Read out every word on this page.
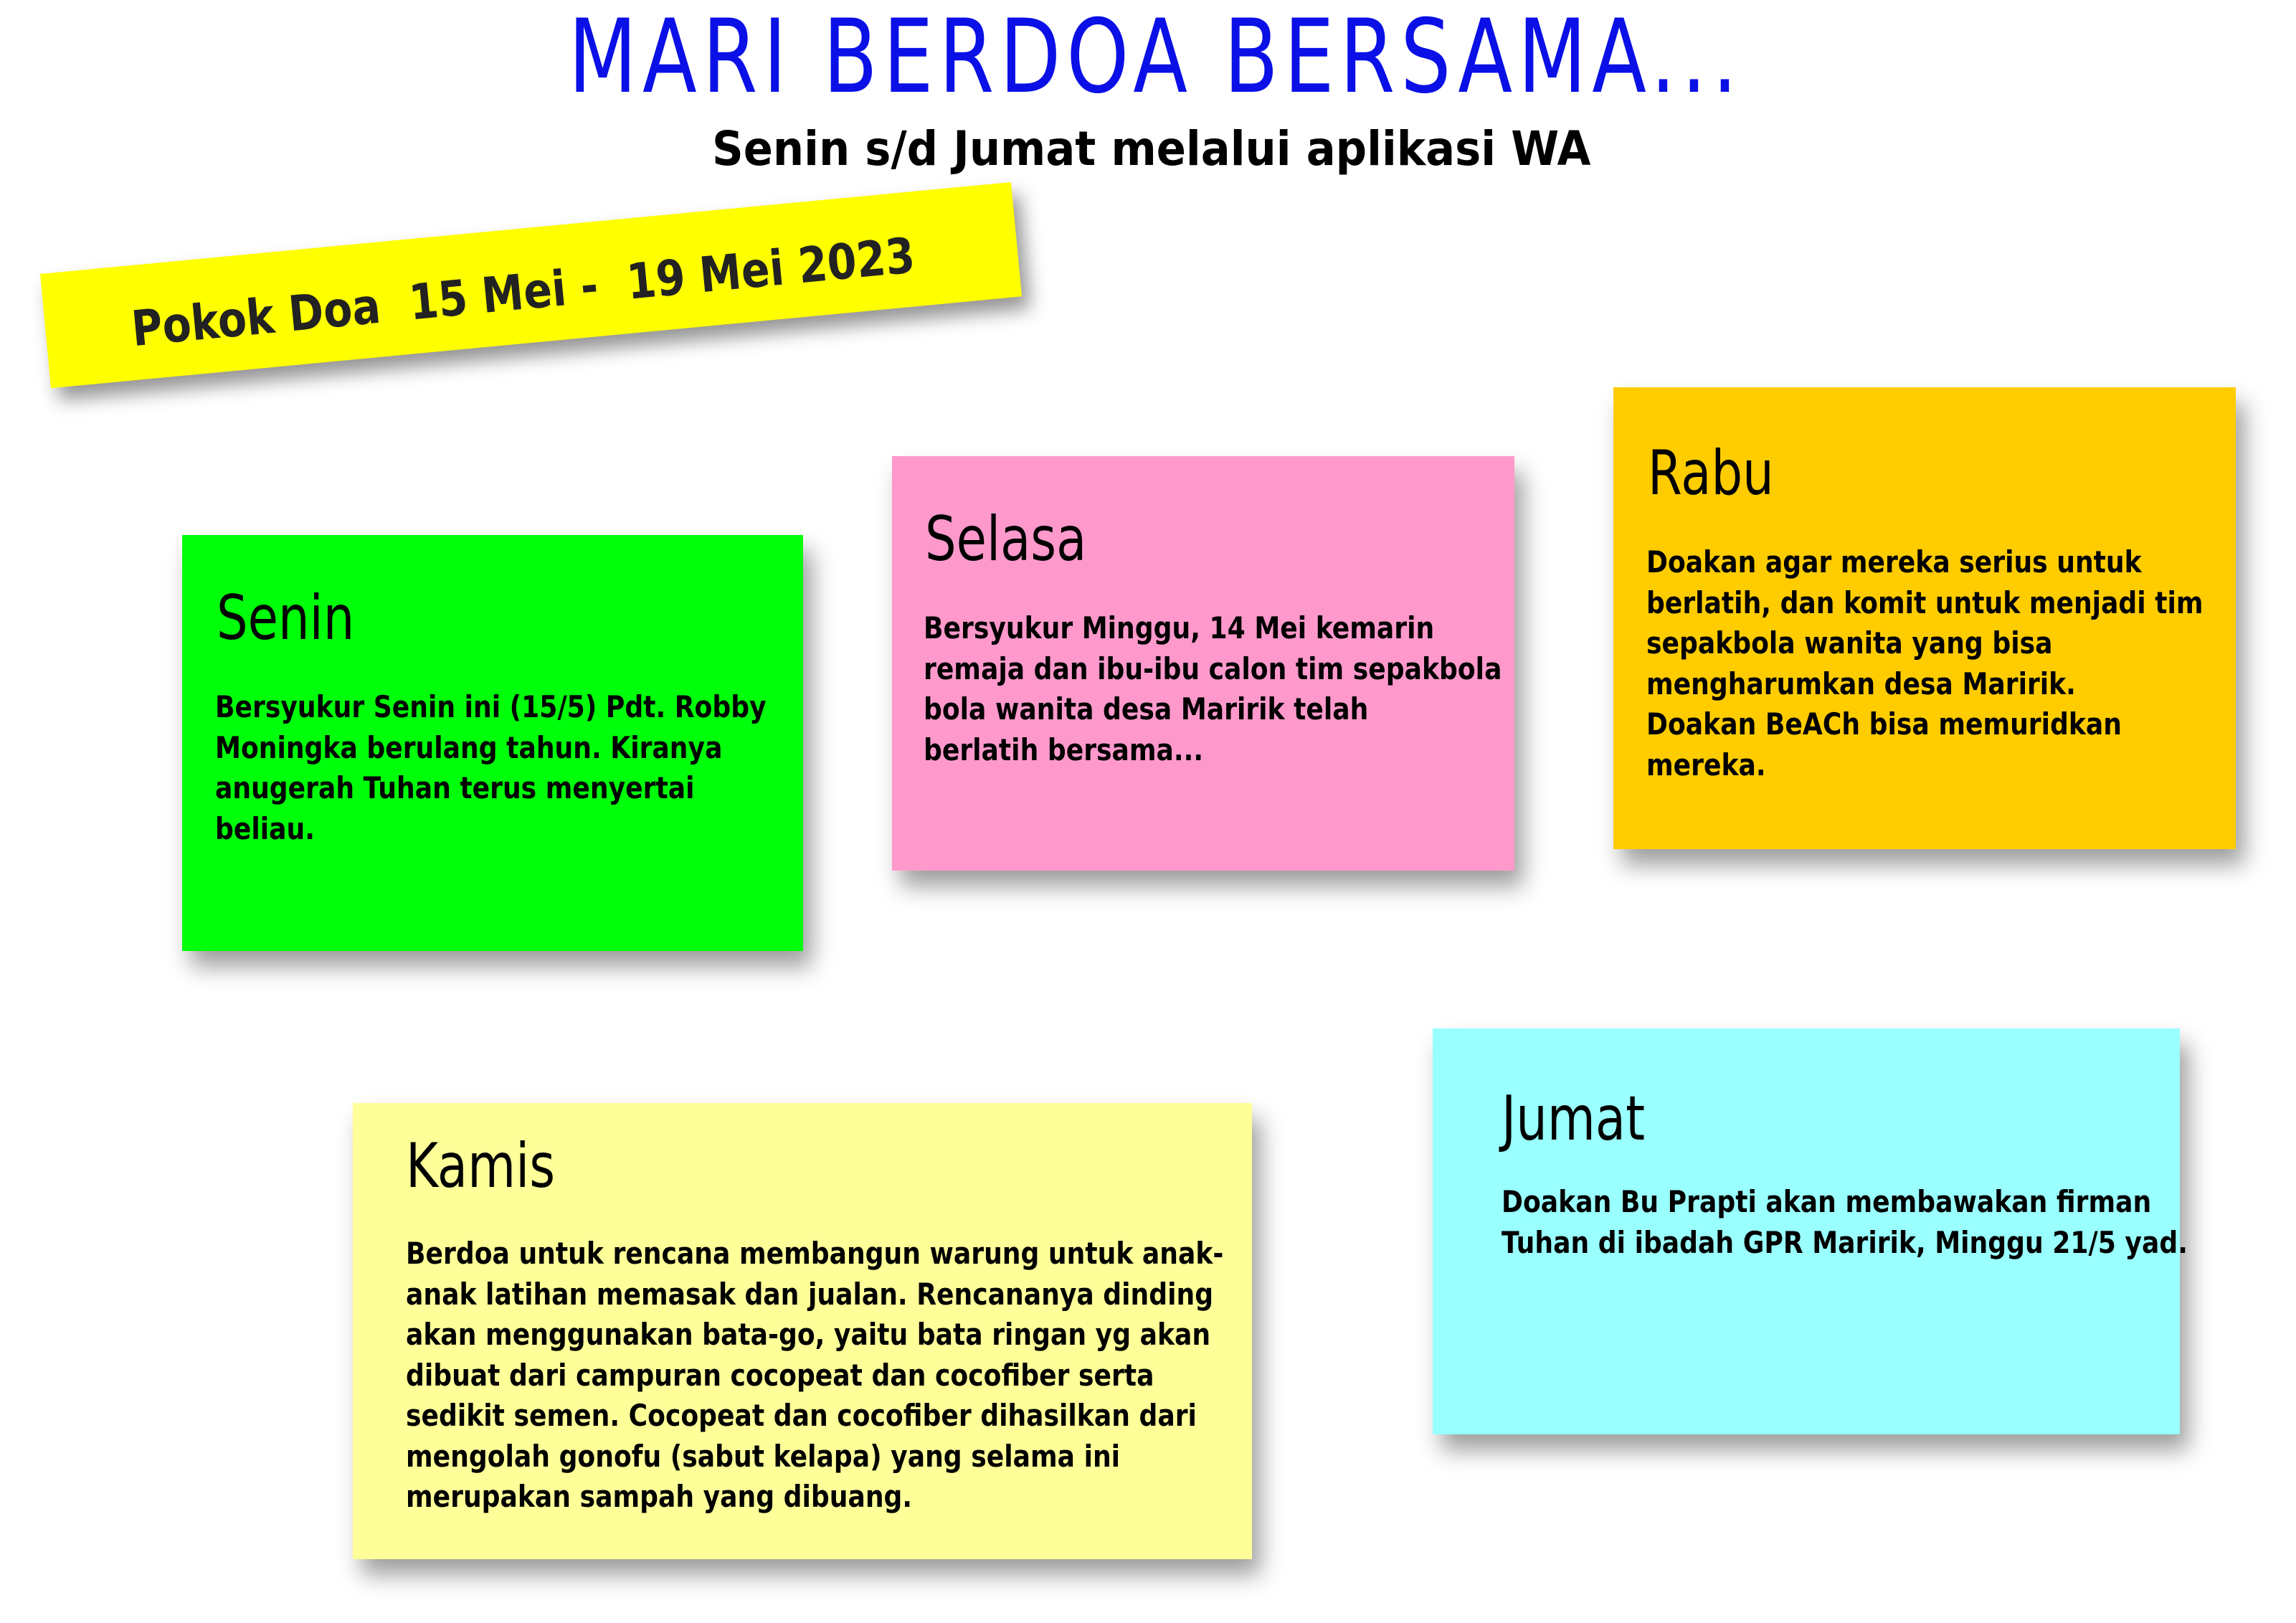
MARI BERDOA BERSAMA...
Senin s/d Jumat melalui aplikasi WA
Pokok Doa  15 Mei -  19 Mei 2023
Senin
Bersyukur Senin ini (15/5) Pdt. Robby
Moningka berulang tahun. Kiranya
anugerah Tuhan terus menyertai
beliau.
Selasa
Bersyukur Minggu, 14 Mei kemarin
remaja dan ibu-ibu calon tim sepakbola
bola wanita desa Maririk telah
berlatih bersama...
Rabu
Doakan agar mereka serius untuk
berlatih, dan komit untuk menjadi tim
sepakbola wanita yang bisa
mengharumkan desa Maririk.
Doakan BeACh bisa memuridkan
mereka.
Kamis
Berdoa untuk rencana membangun warung untuk anak-
anak latihan memasak dan jualan. Rencananya dinding
akan menggunakan bata-go, yaitu bata ringan yg akan
dibuat dari campuran cocopeat dan cocofiber serta
sedikit semen. Cocopeat dan cocofiber dihasilkan dari
mengolah gonofu (sabut kelapa) yang selama ini
merupakan sampah yang dibuang.
Jumat
Doakan Bu Prapti akan membawakan firman
Tuhan di ibadah GPR Maririk, Minggu 21/5 yad.
